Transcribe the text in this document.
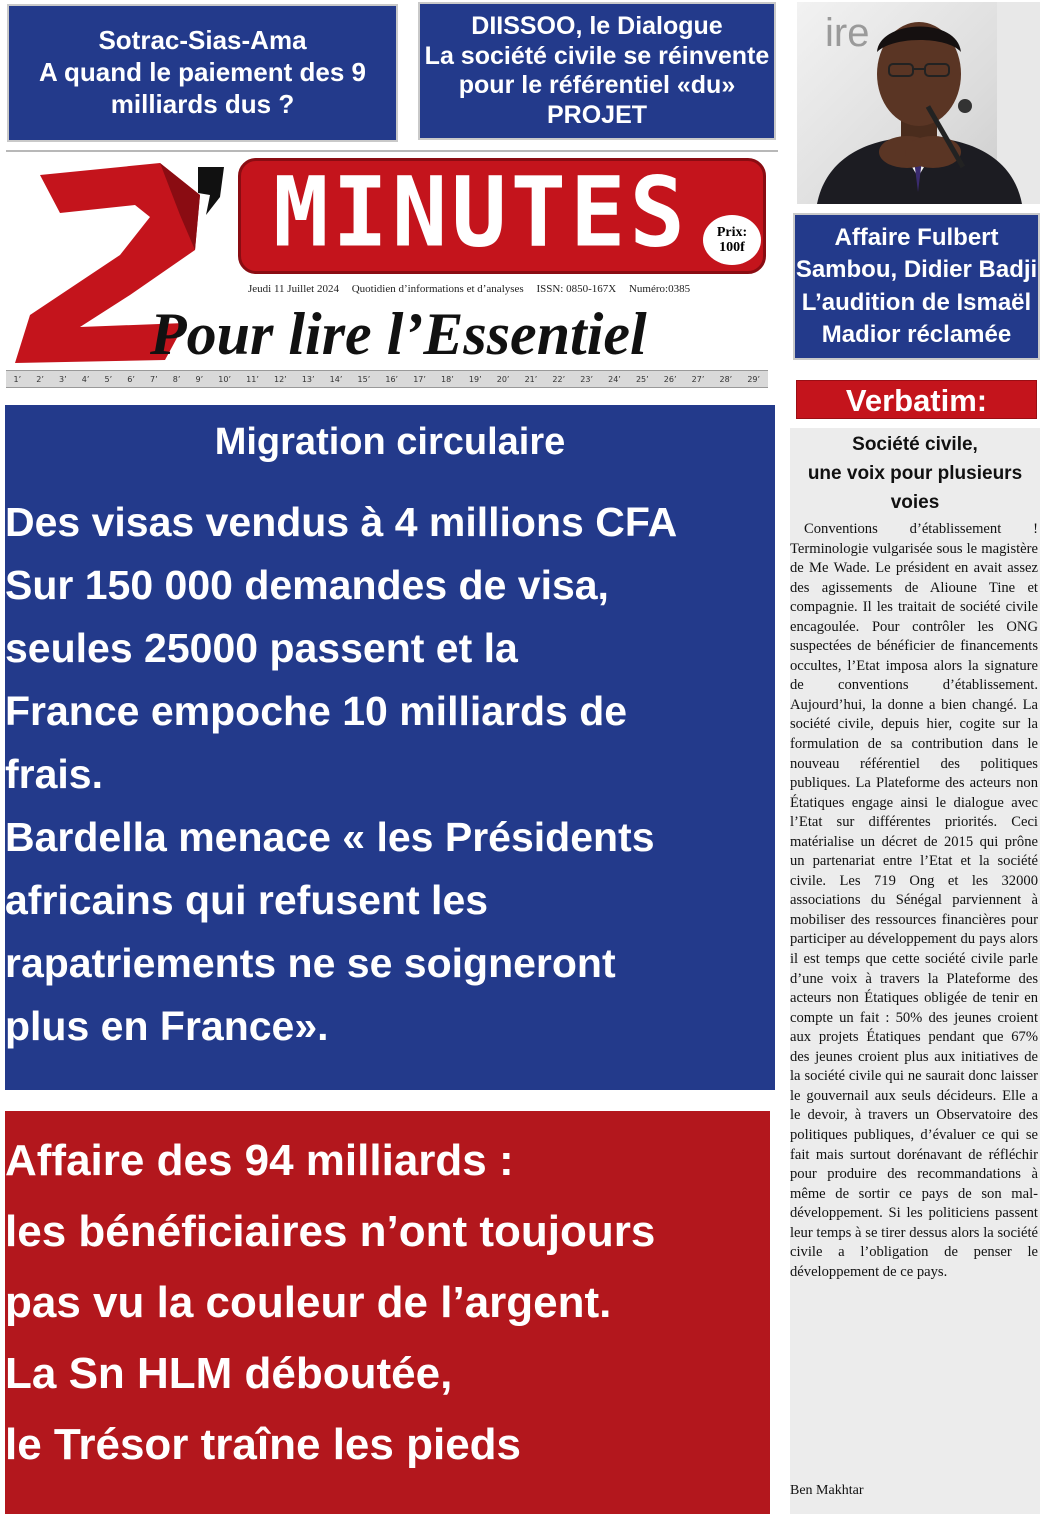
Sotrac-Sias-Ama
A quand le paiement des 9
milliards dus ?
DIISSOO, le Dialogue
La société civile se réinvente
pour le référentiel «du»
PROJET
ire
Affaire Fulbert
Sambou, Didier Badji
L’audition de Ismaël
Madior réclamée
2’
MINUTES	Prix:
100f
Jeudi 11 Juillet 2024 Quotidien d’informations et d’analyses ISSN: 0850-167X Numéro:0385
Pour lire l’Essentiel
1’ 2’ 3’ 4’ 5’ 6’ 7’ 8’ 9’ 10’ 11’ 12’ 13’ 14’ 15’ 16’ 17’ 18’ 19’ 20’ 21’ 22’ 23’ 24’ 25’ 26’ 27’ 28’ 29’
Migration circulaire
Des visas vendus à 4 millions CFA
Sur 150 000 demandes de visa,
seules 25000 passent et la
France empoche 10 milliards de
frais.
Bardella menace « les Présidents
africains qui refusent les
rapatriements ne se soigneront
plus en France».
Affaire des 94 milliards :
les bénéficiaires n’ont toujours
pas vu la couleur de l’argent.
La Sn HLM déboutée,
le Trésor traîne les pieds
Verbatim:
Société civile,
une voix pour plusieurs
voies

Conventions d’établissement ! Terminologie vulgarisée sous le magistère de Me Wade. Le président en avait assez des agissements de Alioune Tine et compagnie. Il les traitait de société civile encagoulée. Pour contrôler les ONG suspectées de bénéficier de financements occultes, l’Etat imposa alors la signature de conventions d’établissement. Aujourd’hui, la donne a bien changé. La société civile, depuis hier, cogite sur la formulation de sa contribution dans le nouveau référentiel des politiques publiques. La Plateforme des acteurs non Étatiques engage ainsi le dialogue avec l’Etat sur différentes priorités. Ceci matérialise un décret de 2015 qui prône un partenariat entre l’Etat et la société civile. Les 719 Ong et les 32000 associations du Sénégal parviennent à mobiliser des ressources financières pour participer au développement du pays alors il est temps que cette société civile parle d’une voix à travers la Plateforme des acteurs non Étatiques obligée de tenir en compte un fait : 50% des jeunes croient aux projets Étatiques pendant que 67% des jeunes croient plus aux initiatives de la société civile qui ne saurait donc laisser le gouvernail aux seuls décideurs. Elle a le devoir, à travers un Observatoire des politiques publiques, d’évaluer ce qui se fait mais surtout dorénavant de réfléchir pour produire des recommandations à même de sortir ce pays de son mal-développement. Si les politiciens passent leur temps à se tirer dessus alors la société civile a l’obligation de penser le développement de ce pays.

Ben Makhtar
